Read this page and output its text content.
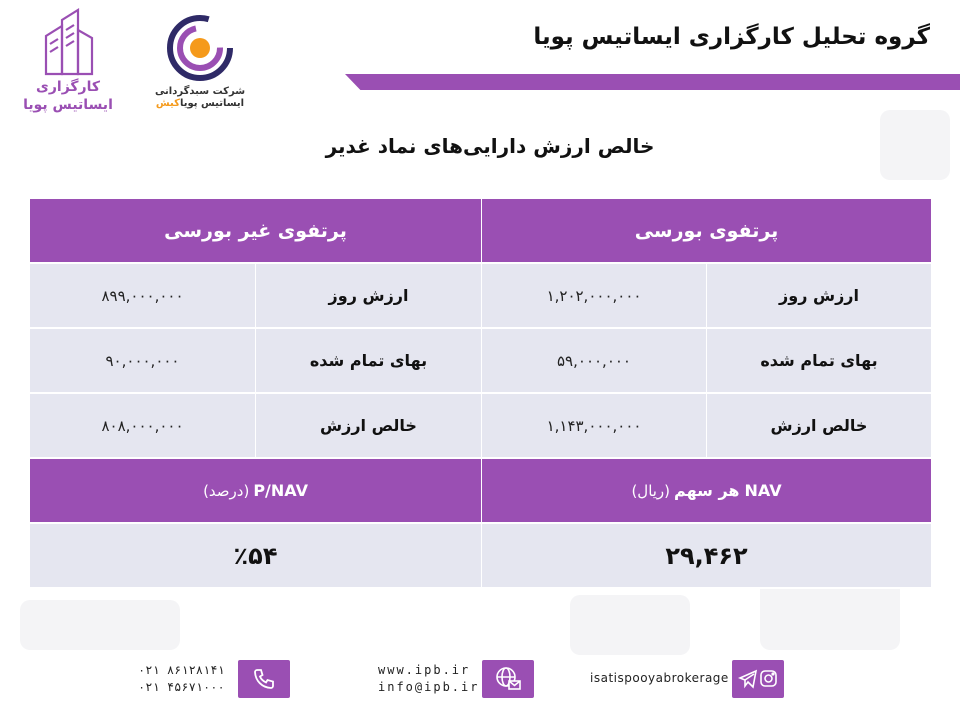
گروه تحلیل کارگزاری ایساتیس پویا
کارگزاری
ایساتیس پویا
شرکت سبدگردانی
ایساتیس پویاکیش
خالص ارزش دارایی‌های نماد غدیر
پرتفوی بورسی
پرتفوی غیر بورسی
ارزش روز
۱,۲۰۲,۰۰۰,۰۰۰
ارزش روز
۸۹۹,۰۰۰,۰۰۰
بهای تمام شده
۵۹,۰۰۰,۰۰۰
بهای تمام شده
۹۰,۰۰۰,۰۰۰
خالص ارزش
۱,۱۴۳,۰۰۰,۰۰۰
خالص ارزش
۸۰۸,۰۰۰,۰۰۰
NAV
هر سهم
(ریال)
P/NAV
(درصد)
۲۹,۴۶۲
٪۵۴
۰۲۱ ۸۶۱۲۸۱۴۱
۰۲۱ ۴۵۶۷۱۰۰۰
www.ipb.ir
info@ipb.ir
isatispooyabrokerage
